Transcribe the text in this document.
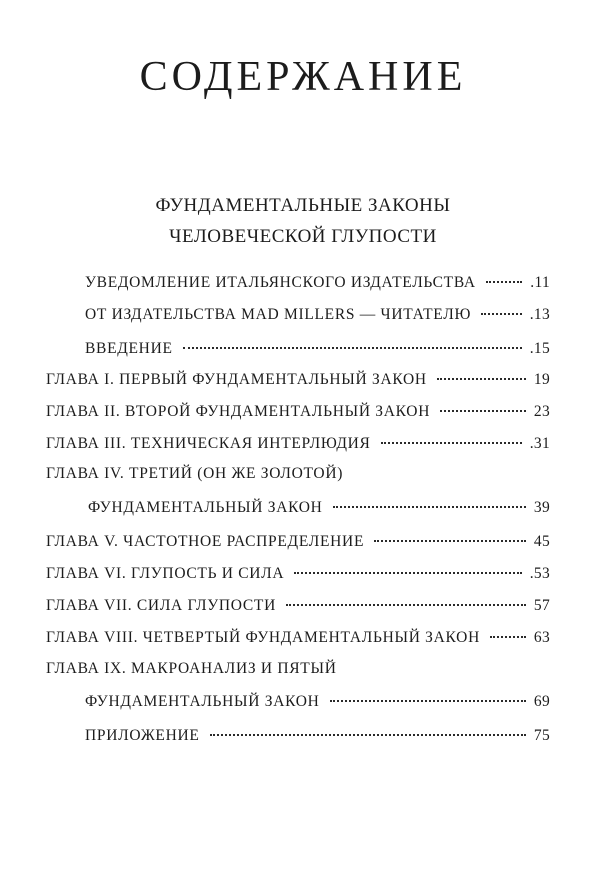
СОДЕРЖАНИЕ
ФУНДАМЕНТАЛЬНЫЕ ЗАКОНЫ
ЧЕЛОВЕЧЕСКОЙ ГЛУПОСТИ
УВЕДОМЛЕНИЕ ИТАЛЬЯНСКОГО ИЗДАТЕЛЬСТВА	.11
ОТ ИЗДАТЕЛЬСТВА MAD MILLERS — ЧИТАТЕЛЮ	.13
ВВЕДЕНИЕ	.15
ГЛАВА I. ПЕРВЫЙ ФУНДАМЕНТАЛЬНЫЙ ЗАКОН	19
ГЛАВА II. ВТОРОЙ ФУНДАМЕНТАЛЬНЫЙ ЗАКОН	23
ГЛАВА III. ТЕХНИЧЕСКАЯ ИНТЕРЛЮДИЯ	.31
ГЛАВА IV. ТРЕТИЙ (ОН ЖЕ ЗОЛОТОЙ)
ФУНДАМЕНТАЛЬНЫЙ ЗАКОН	39
ГЛАВА V. ЧАСТОТНОЕ РАСПРЕДЕЛЕНИЕ	45
ГЛАВА VI. ГЛУПОСТЬ И СИЛА	.53
ГЛАВА VII. СИЛА ГЛУПОСТИ	57
ГЛАВА VIII. ЧЕТВЕРТЫЙ ФУНДАМЕНТАЛЬНЫЙ ЗАКОН	63
ГЛАВА IX. МАКРОАНАЛИЗ И ПЯТЫЙ
ФУНДАМЕНТАЛЬНЫЙ ЗАКОН	69
ПРИЛОЖЕНИЕ	75
